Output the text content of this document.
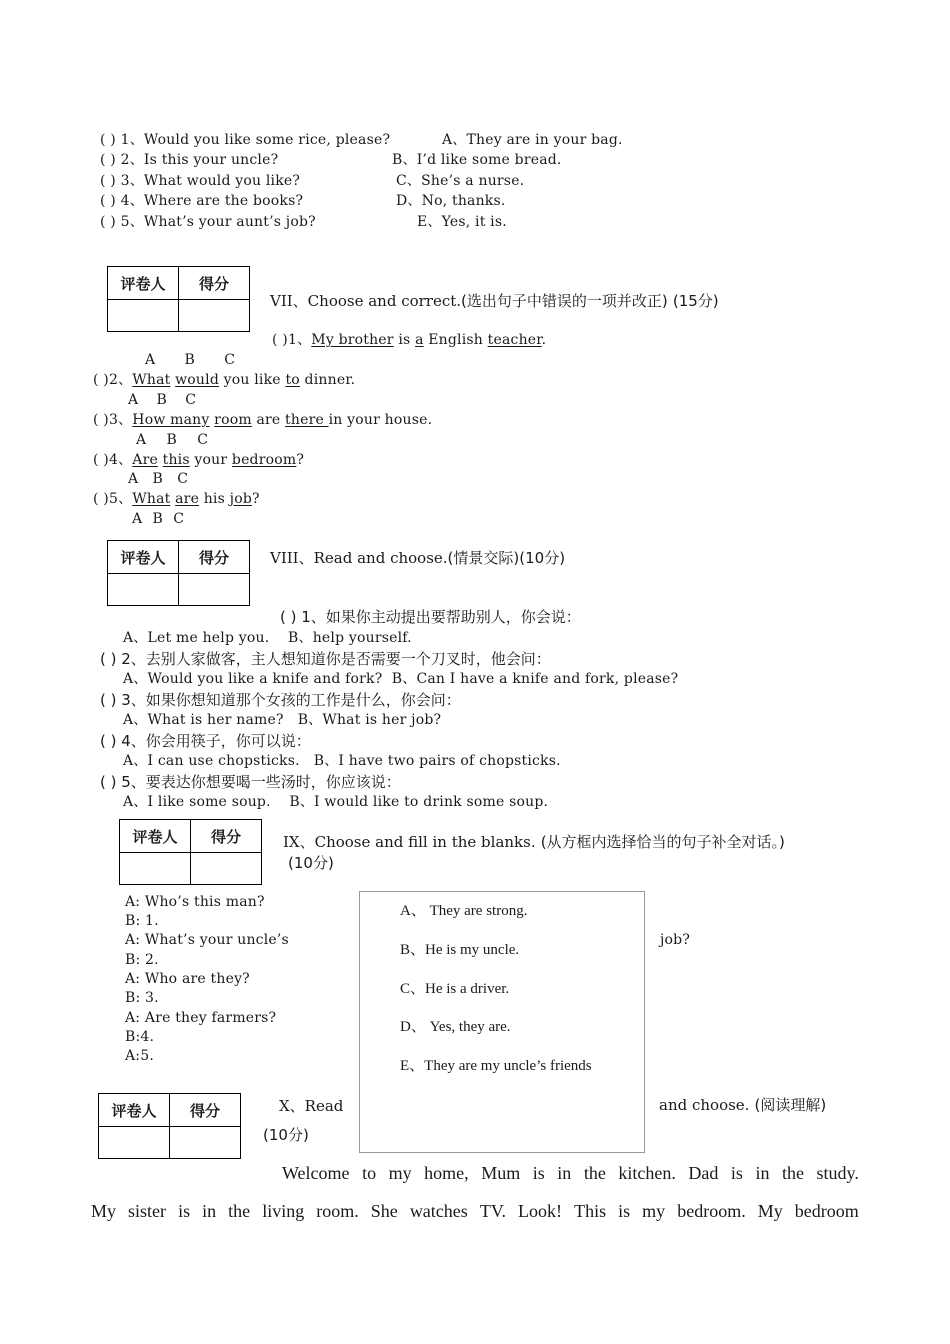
( ) 1、Would you like some rice, please?
( ) 2、Is this your uncle?
( ) 3、What would you like?
( ) 4、Where are the books?
( ) 5、What’s your aunt’s job?
A、They are in your bag.
B、I’d like some bread.
C、She’s a nurse.
D、No, thanks.
E、Yes, it is.
评卷人	得分

VII、Choose and correct.(选出句子中错误的一项并改正) (15分)
( )1、My brother is a English teacher.
A B C
( )2、What would you like to dinner.
A B C
( )3、How many room are there in your house.
A B C
( )4、Are this your bedroom?
A B C
( )5、What are his job?
A B C
评卷人	得分
		VIII、Read and choose.(情景交际)(10分)
( ) 1、如果你主动提出要帮助别人，你会说：
A、Let me help you. B、help yourself.
( ) 2、去别人家做客，主人想知道你是否需要一个刀叉时，他会问：
A、Would you like a knife and fork? B、Can I have a knife and fork, please?
( ) 3、如果你想知道那个女孩的工作是什么，你会问：
A、What is her name? B、What is her job?
( ) 4、你会用筷子，你可以说：
A、I can use chopsticks. B、I have two pairs of chopsticks.
( ) 5、要表达你想要喝一些汤时，你应该说：
A、I like some soup. B、I would like to drink some soup.
评卷人	得分
		IX、Choose and fill in the blanks. (从方框内选择恰当的句子补全对话。)
(10分)
A: Who’s this man?
B: 1.
A: What’s your uncle’s
B: 2.
A: Who are they?
B: 3.
A: Are they farmers?
B:4.
A:5.
job?
A、 They are strong.
B、He is my uncle.
C、He is a driver.
D、 Yes, they are.
E、They are my uncle’s friends
评卷人	得分
		X、Read	and choose. (阅读理解)
(10分)
Welcome to my home, Mum is in the kitchen. Dad is in the study.
My sister is in the living room. She watches TV. Look! This is my bedroom. My bedroom
